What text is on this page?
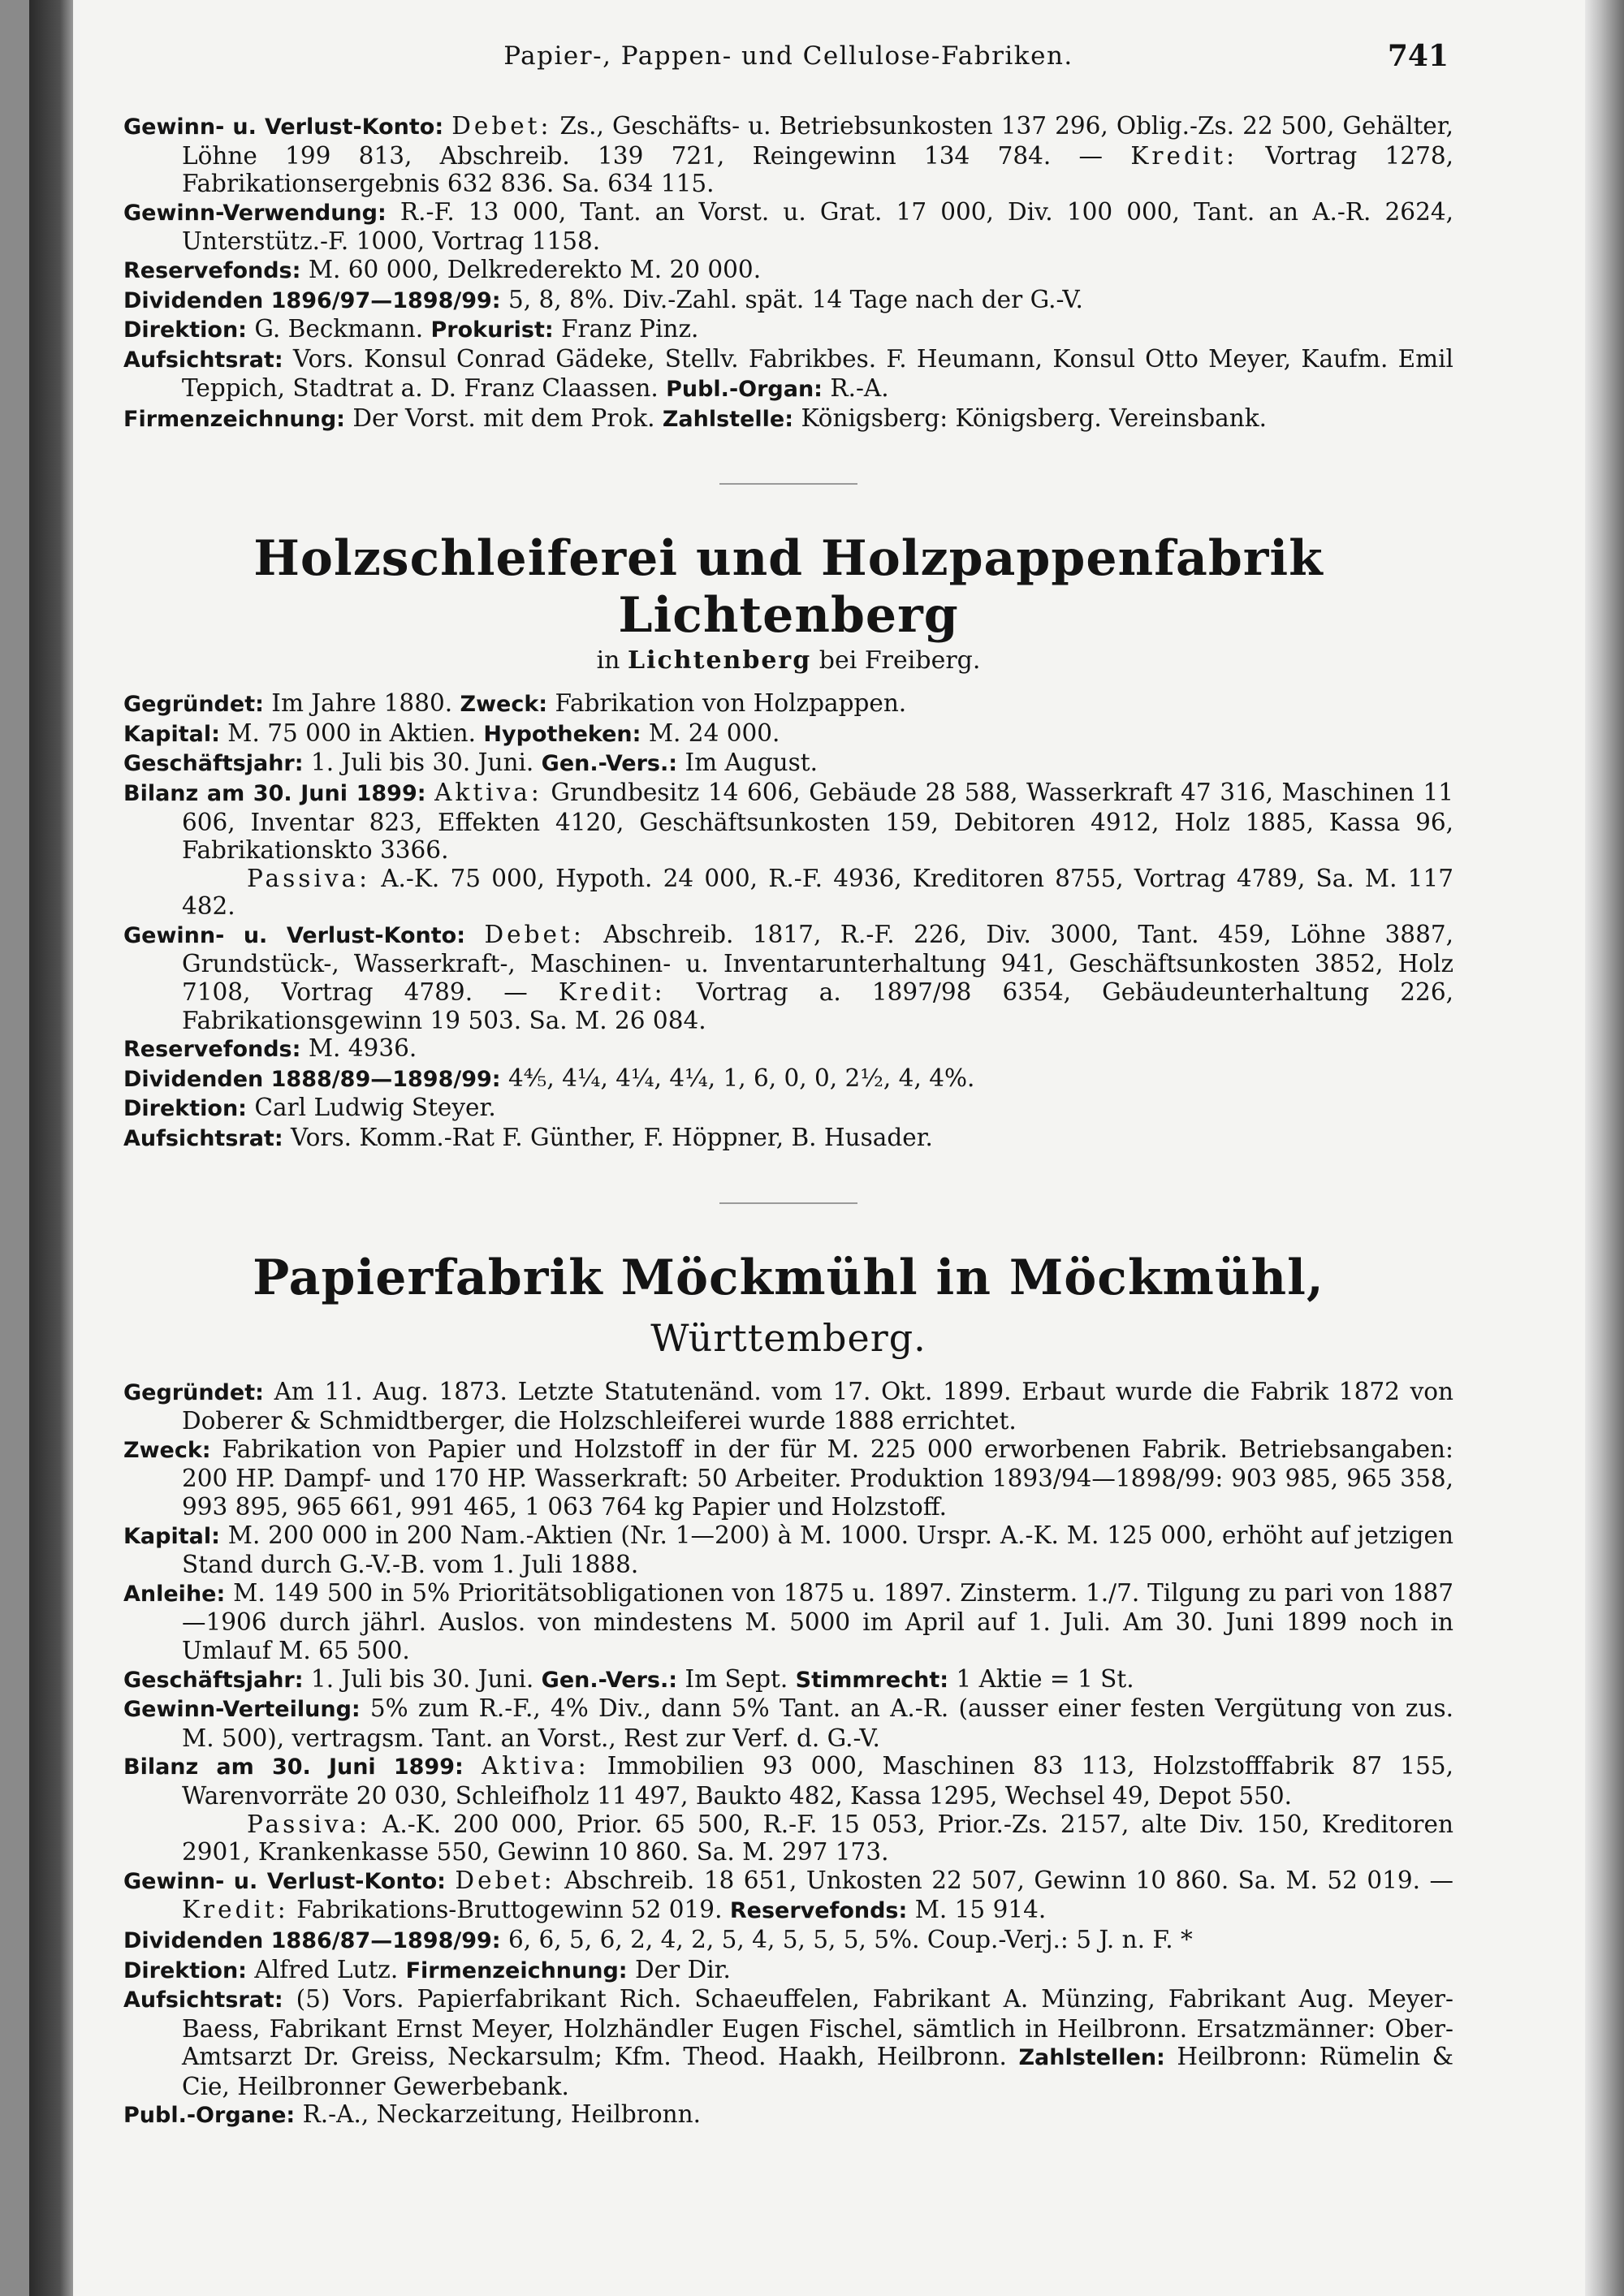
Papier-, Pappen- und Cellulose-Fabriken.	741

Gewinn- u. Verlust-Konto: Debet: Zs., Geschäfts- u. Betriebsunkosten 137 296, Oblig.-Zs. 22 500, Gehälter, Löhne 199 813, Abschreib. 139 721, Reingewinn 134 784. — Kredit: Vortrag 1278, Fabrikationsergebnis 632 836. Sa. 634 115.

Gewinn-Verwendung: R.-F. 13 000, Tant. an Vorst. u. Grat. 17 000, Div. 100 000, Tant. an A.-R. 2624, Unterstütz.-F. 1000, Vortrag 1158.

Reservefonds: M. 60 000, Delkrederekto M. 20 000.

Dividenden 1896/97—1898/99: 5, 8, 8%. Div.-Zahl. spät. 14 Tage nach der G.-V.

Direktion: G. Beckmann. Prokurist: Franz Pinz.

Aufsichtsrat: Vors. Konsul Conrad Gädeke, Stellv. Fabrikbes. F. Heumann, Konsul Otto Meyer, Kaufm. Emil Teppich, Stadtrat a. D. Franz Claassen. Publ.-Organ: R.-A.

Firmenzeichnung: Der Vorst. mit dem Prok. Zahlstelle: Königsberg: Königsberg. Vereinsbank.

Holzschleiferei und Holzpappenfabrik Lichtenberg

in Lichtenberg bei Freiberg.

Gegründet: Im Jahre 1880. Zweck: Fabrikation von Holzpappen.

Kapital: M. 75 000 in Aktien. Hypotheken: M. 24 000.

Geschäftsjahr: 1. Juli bis 30. Juni. Gen.-Vers.: Im August.

Bilanz am 30. Juni 1899: Aktiva: Grundbesitz 14 606, Gebäude 28 588, Wasserkraft 47 316, Maschinen 11 606, Inventar 823, Effekten 4120, Geschäftsunkosten 159, Debitoren 4912, Holz 1885, Kassa 96, Fabrikationskto 3366.

Passiva: A.-K. 75 000, Hypoth. 24 000, R.-F. 4936, Kreditoren 8755, Vortrag 4789, Sa. M. 117 482.

Gewinn- u. Verlust-Konto: Debet: Abschreib. 1817, R.-F. 226, Div. 3000, Tant. 459, Löhne 3887, Grundstück-, Wasserkraft-, Maschinen- u. Inventarunterhaltung 941, Geschäftsunkosten 3852, Holz 7108, Vortrag 4789. — Kredit: Vortrag a. 1897/98 6354, Gebäudeunterhaltung 226, Fabrikationsgewinn 19 503. Sa. M. 26 084.

Reservefonds: M. 4936.

Dividenden 1888/89—1898/99: 4⅘, 4¼, 4¼, 4¼, 1, 6, 0, 0, 2½, 4, 4%.

Direktion: Carl Ludwig Steyer.

Aufsichtsrat: Vors. Komm.-Rat F. Günther, F. Höppner, B. Husader.

Papierfabrik Möckmühl in Möckmühl, Württemberg.

Gegründet: Am 11. Aug. 1873. Letzte Statutenänd. vom 17. Okt. 1899. Erbaut wurde die Fabrik 1872 von Doberer & Schmidtberger, die Holzschleiferei wurde 1888 errichtet.

Zweck: Fabrikation von Papier und Holzstoff in der für M. 225 000 erworbenen Fabrik. Betriebsangaben: 200 HP. Dampf- und 170 HP. Wasserkraft: 50 Arbeiter. Produktion 1893/94—1898/99: 903 985, 965 358, 993 895, 965 661, 991 465, 1 063 764 kg Papier und Holzstoff.

Kapital: M. 200 000 in 200 Nam.-Aktien (Nr. 1—200) à M. 1000. Urspr. A.-K. M. 125 000, erhöht auf jetzigen Stand durch G.-V.-B. vom 1. Juli 1888.

Anleihe: M. 149 500 in 5% Prioritätsobligationen von 1875 u. 1897. Zinsterm. 1./7. Tilgung zu pari von 1887—1906 durch jährl. Auslos. von mindestens M. 5000 im April auf 1. Juli. Am 30. Juni 1899 noch in Umlauf M. 65 500.

Geschäftsjahr: 1. Juli bis 30. Juni. Gen.-Vers.: Im Sept. Stimmrecht: 1 Aktie = 1 St.

Gewinn-Verteilung: 5% zum R.-F., 4% Div., dann 5% Tant. an A.-R. (ausser einer festen Vergütung von zus. M. 500), vertragsm. Tant. an Vorst., Rest zur Verf. d. G.-V.

Bilanz am 30. Juni 1899: Aktiva: Immobilien 93 000, Maschinen 83 113, Holzstofffabrik 87 155, Warenvorräte 20 030, Schleifholz 11 497, Baukto 482, Kassa 1295, Wechsel 49, Depot 550.

Passiva: A.-K. 200 000, Prior. 65 500, R.-F. 15 053, Prior.-Zs. 2157, alte Div. 150, Kreditoren 2901, Krankenkasse 550, Gewinn 10 860. Sa. M. 297 173.

Gewinn- u. Verlust-Konto: Debet: Abschreib. 18 651, Unkosten 22 507, Gewinn 10 860. Sa. M. 52 019. — Kredit: Fabrikations-Bruttogewinn 52 019. Reservefonds: M. 15 914.

Dividenden 1886/87—1898/99: 6, 6, 5, 6, 2, 4, 2, 5, 4, 5, 5, 5, 5%. Coup.-Verj.: 5 J. n. F. *

Direktion: Alfred Lutz. Firmenzeichnung: Der Dir.

Aufsichtsrat: (5) Vors. Papierfabrikant Rich. Schaeuffelen, Fabrikant A. Münzing, Fabrikant Aug. Meyer-Baess, Fabrikant Ernst Meyer, Holzhändler Eugen Fischel, sämtlich in Heilbronn. Ersatzmänner: Ober-Amtsarzt Dr. Greiss, Neckarsulm; Kfm. Theod. Haakh, Heilbronn. Zahlstellen: Heilbronn: Rümelin & Cie, Heilbronner Gewerbebank.

Publ.-Organe: R.-A., Neckarzeitung, Heilbronn.
